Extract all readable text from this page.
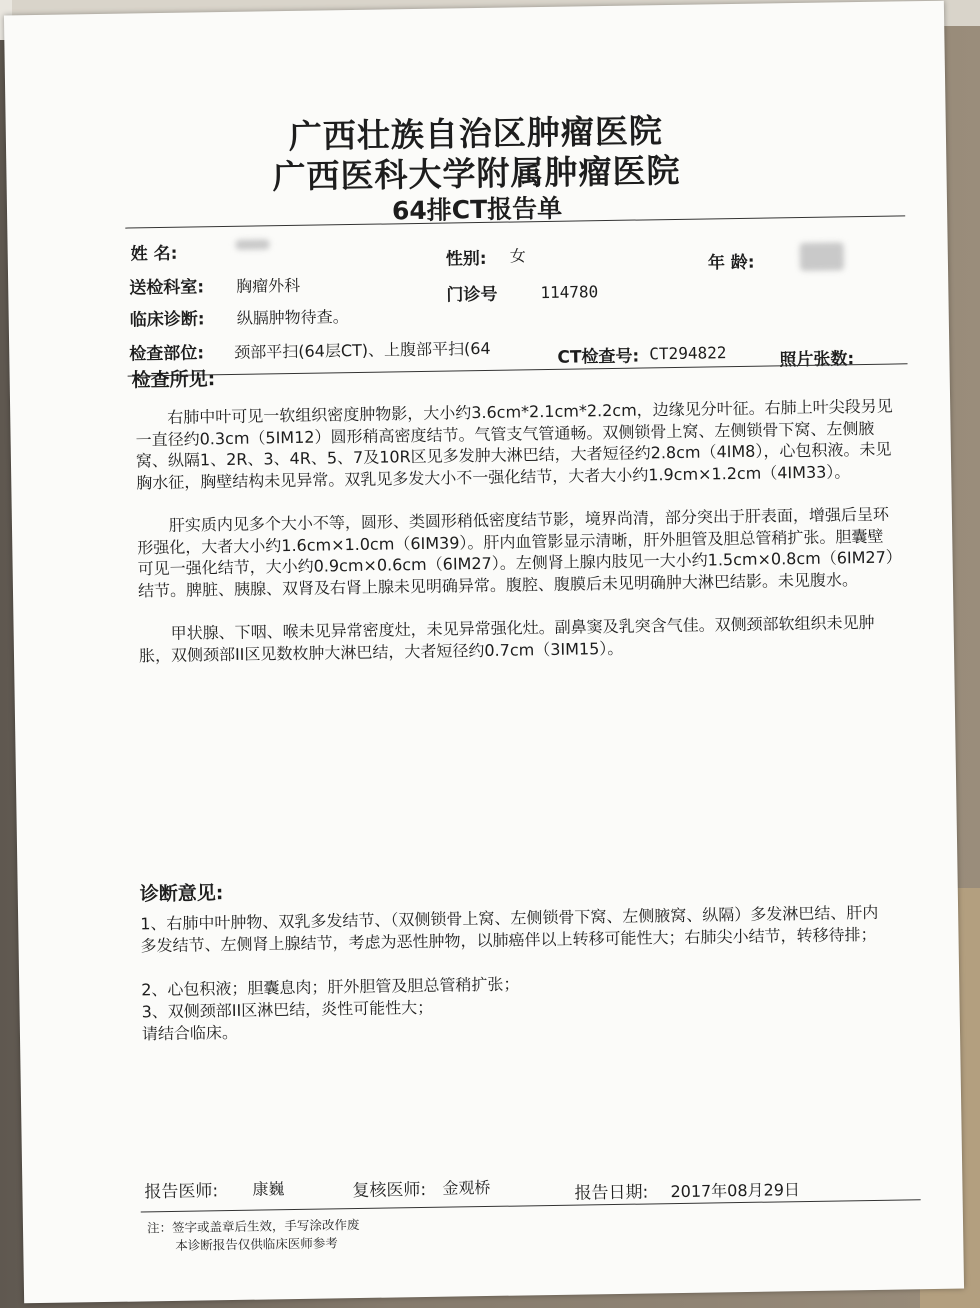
广西壮族自治区肿瘤医院
广西医科大学附属肿瘤医院
64排CT报告单
姓 名:	性别: 女	年 龄:
送检科室: 胸瘤外科	门诊号	114780
临床诊断: 纵膈肿物待查。
检查部位: 颈部平扫(64层CT)、上腹部平扫(64	CT检查号: CT294822	照片张数:
检查所见:
右肺中叶可见一软组织密度肿物影，大小约3.6cm*2.1cm*2.2cm，边缘见分叶征。右肺上叶尖段另见一直径约0.3cm（5IM12）圆形稍高密度结节。气管支气管通畅。双侧锁骨上窝、左侧锁骨下窝、左侧腋窝、纵隔1、2R、3、4R、5、7及10R区见多发肿大淋巴结，大者短径约2.8cm（4IM8），心包积液。未见胸水征，胸壁结构未见异常。双乳见多发大小不一强化结节，大者大小约1.9cm×1.2cm（4IM33）。
肝实质内见多个大小不等，圆形、类圆形稍低密度结节影，境界尚清，部分突出于肝表面，增强后呈环形强化，大者大小约1.6cm×1.0cm（6IM39）。肝内血管影显示清晰，肝外胆管及胆总管稍扩张。胆囊壁可见一强化结节，大小约0.9cm×0.6cm（6IM27）。左侧肾上腺内肢见一大小约1.5cm×0.8cm（6IM27）结节。脾脏、胰腺、双肾及右肾上腺未见明确异常。腹腔、腹膜后未见明确肿大淋巴结影。未见腹水。
甲状腺、下咽、喉未见异常密度灶，未见异常强化灶。副鼻窦及乳突含气佳。双侧颈部软组织未见肿胀，双侧颈部II区见数枚肿大淋巴结，大者短径约0.7cm（3IM15）。
诊断意见:
1、右肺中叶肿物、双乳多发结节、（双侧锁骨上窝、左侧锁骨下窝、左侧腋窝、纵隔）多发淋巴结、肝内多发结节、左侧肾上腺结节，考虑为恶性肿物，以肺癌伴以上转移可能性大；右肺尖小结节，转移待排；
2、心包积液；胆囊息肉；肝外胆管及胆总管稍扩张；
3、双侧颈部II区淋巴结，炎性可能性大；
请结合临床。
报告医师: 康巍	复核医师: 金观桥	报告日期: 2017年08月29日
注：签字或盖章后生效，手写涂改作废
本诊断报告仅供临床医师参考
